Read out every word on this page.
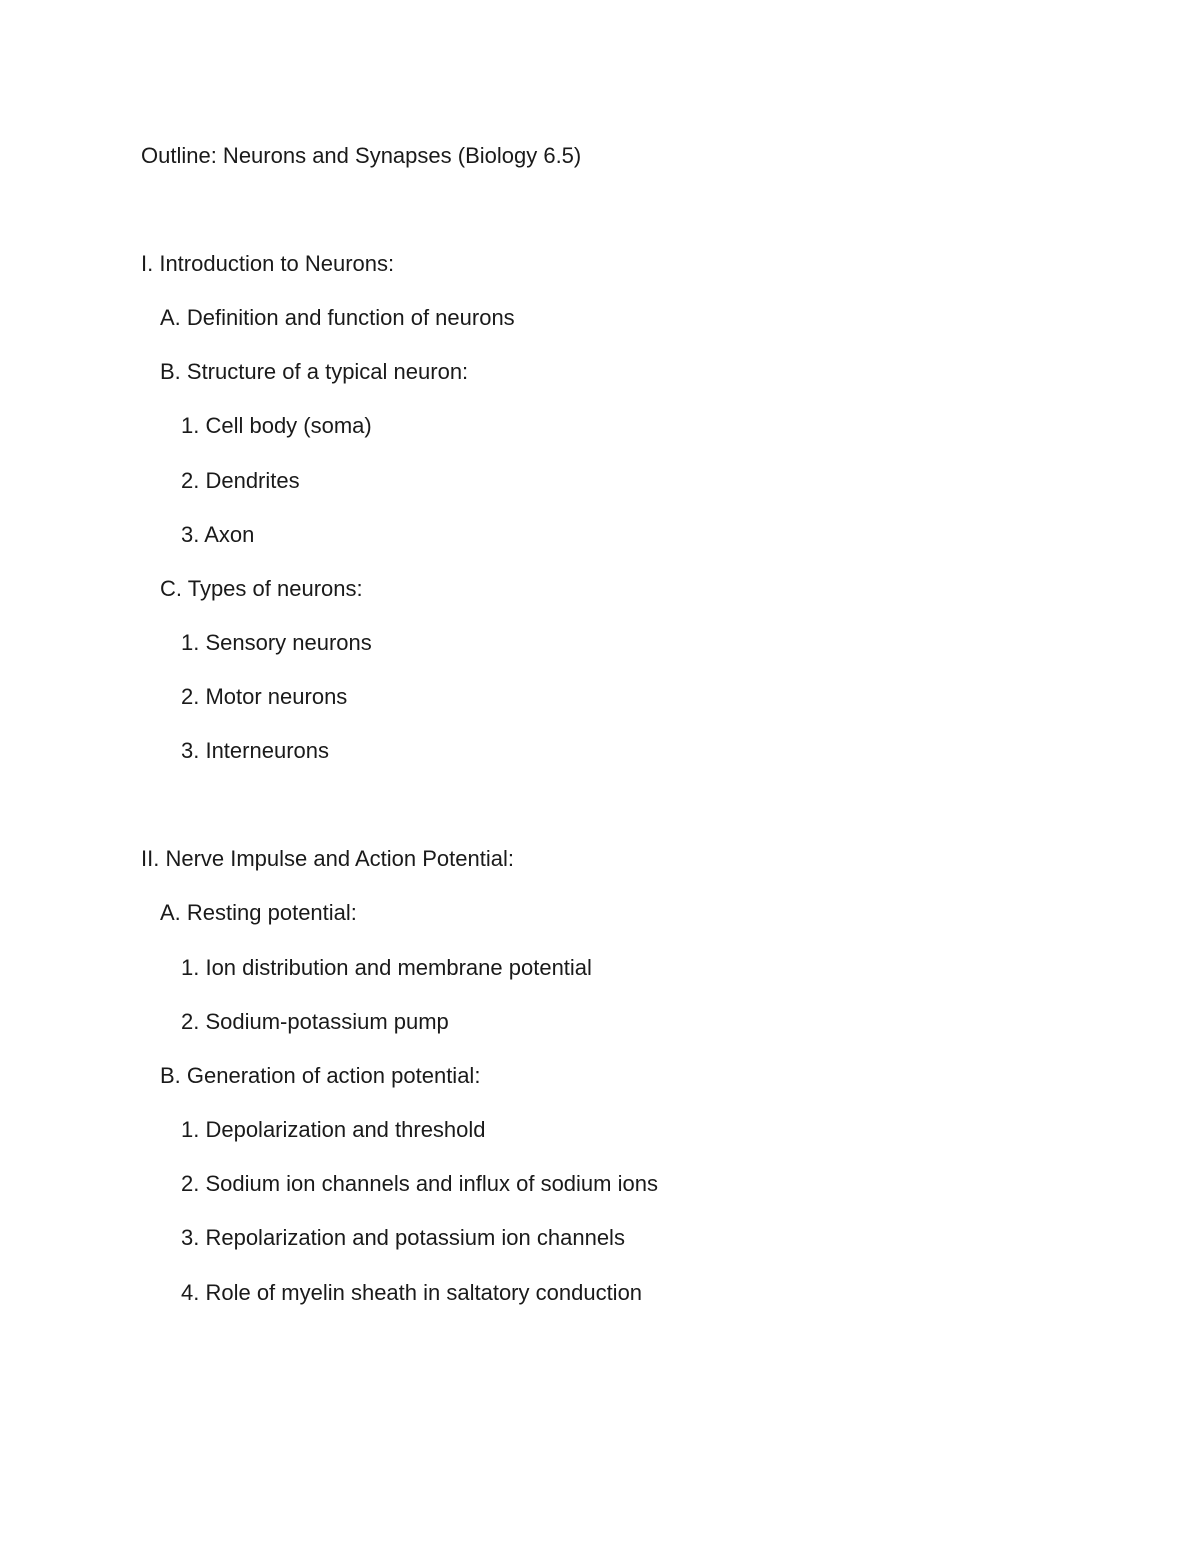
Outline: Neurons and Synapses (Biology 6.5)
I. Introduction to Neurons:

A. Definition and function of neurons

B. Structure of a typical neuron:

1. Cell body (soma)

2. Dendrites

3. Axon

C. Types of neurons:

1. Sensory neurons

2. Motor neurons

3. Interneurons

II. Nerve Impulse and Action Potential:

A. Resting potential:

1. Ion distribution and membrane potential

2. Sodium-potassium pump

B. Generation of action potential:

1. Depolarization and threshold

2. Sodium ion channels and influx of sodium ions

3. Repolarization and potassium ion channels

4. Role of myelin sheath in saltatory conduction
